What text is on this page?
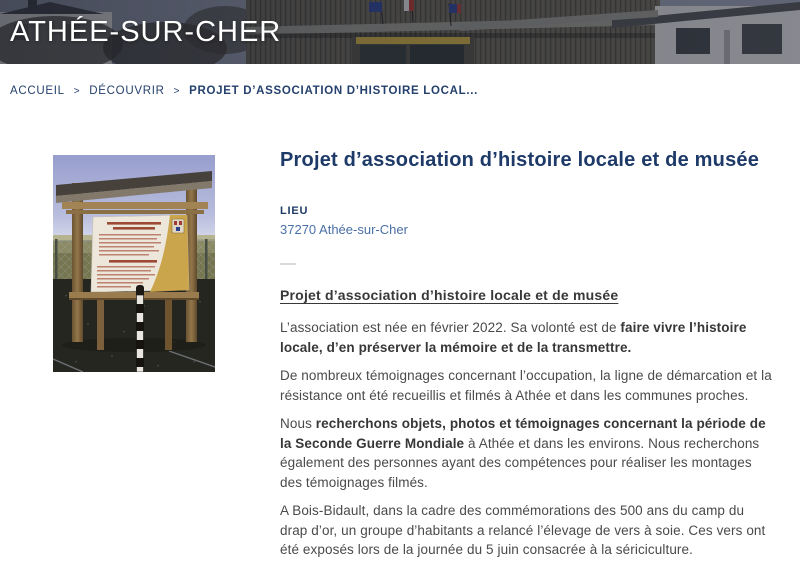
ATHÉE-SUR-CHER
ACCUEIL > DÉCOUVRIR > PROJET D’ASSOCIATION D’HISTOIRE LOCAL...
Projet d’association d’histoire locale et de musée
LIEU
37270 Athée-sur-Cher
Projet d’association d’histoire locale et de musée

L’association est née en février 2022. Sa volonté est de faire vivre l’histoire locale, d’en préserver la mémoire et de la transmettre.

De nombreux témoignages concernant l’occupation, la ligne de démarcation et la résistance ont été recueillis et filmés à Athée et dans les communes proches.

Nous recherchons objets, photos et témoignages concernant la période de la Seconde Guerre Mondiale à Athée et dans les environs. Nous recherchons également des personnes ayant des compétences pour réaliser les montages des témoignages filmés.

A Bois-Bidault, dans la cadre des commémorations des 500 ans du camp du drap d’or, un groupe d’habitants a relancé l’élevage de vers à soie. Ces vers ont été exposés lors de la journée du 5 juin consacrée à la sériciculture.
